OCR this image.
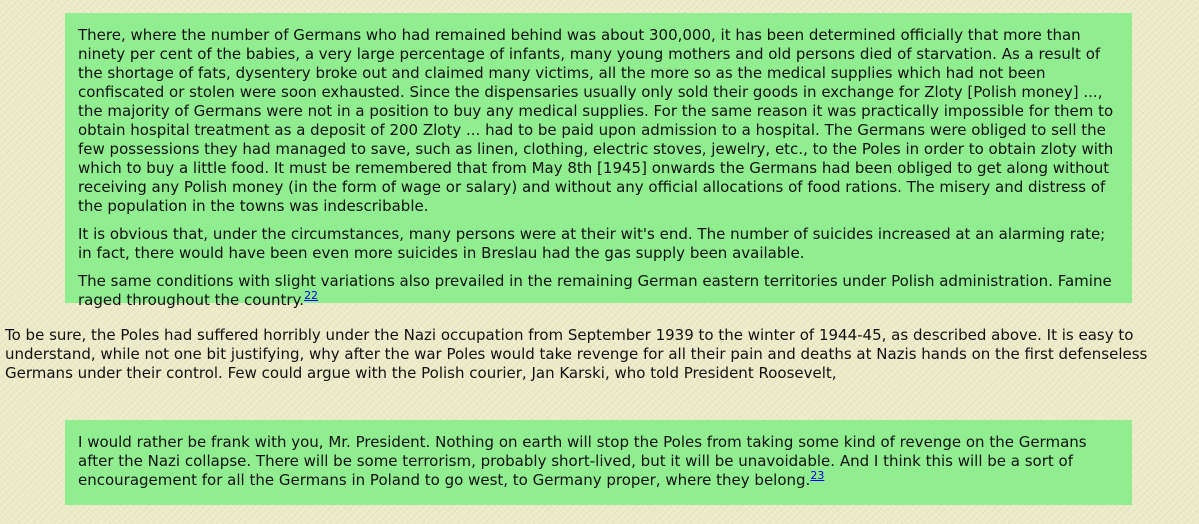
There, where the number of Germans who had remained behind was about 300,000, it has been determined officially that more than ninety per cent of the babies, a very large percentage of infants, many young mothers and old persons died of starvation. As a result of the shortage of fats, dysentery broke out and claimed many victims, all the more so as the medical supplies which had not been confiscated or stolen were soon exhausted. Since the dispensaries usually only sold their goods in exchange for Zloty [Polish money] ..., the majority of Germans were not in a position to buy any medical supplies. For the same reason it was practically impossible for them to obtain hospital treatment as a deposit of 200 Zloty ... had to be paid upon admission to a hospital. The Germans were obliged to sell the few possessions they had managed to save, such as linen, clothing, electric stoves, jewelry, etc., to the Poles in order to obtain zloty with which to buy a little food. It must be remembered that from May 8th [1945] onwards the Germans had been obliged to get along without receiving any Polish money (in the form of wage or salary) and without any official allocations of food rations. The misery and distress of the population in the towns was indescribable.

It is obvious that, under the circumstances, many persons were at their wit's end. The number of suicides increased at an alarming rate; in fact, there would have been even more suicides in Breslau had the gas supply been available.

The same conditions with slight variations also prevailed in the remaining German eastern territories under Polish administration. Famine raged throughout the country.$^{22}$

To be sure, the Poles had suffered horribly under the Nazi occupation from September 1939 to the winter of 1944-45, as described above. It is easy to understand, while not one bit justifying, why after the war Poles would take revenge for all their pain and deaths at Nazis hands on the first defenseless Germans under their control. Few could argue with the Polish courier, Jan Karski, who told President Roosevelt,

I would rather be frank with you, Mr. President. Nothing on earth will stop the Poles from taking some kind of revenge on the Germans after the Nazi collapse. There will be some terrorism, probably short-lived, but it will be unavoidable. And I think this will be a sort of encouragement for all the Germans in Poland to go west, to Germany proper, where they belong.$^{23}$
